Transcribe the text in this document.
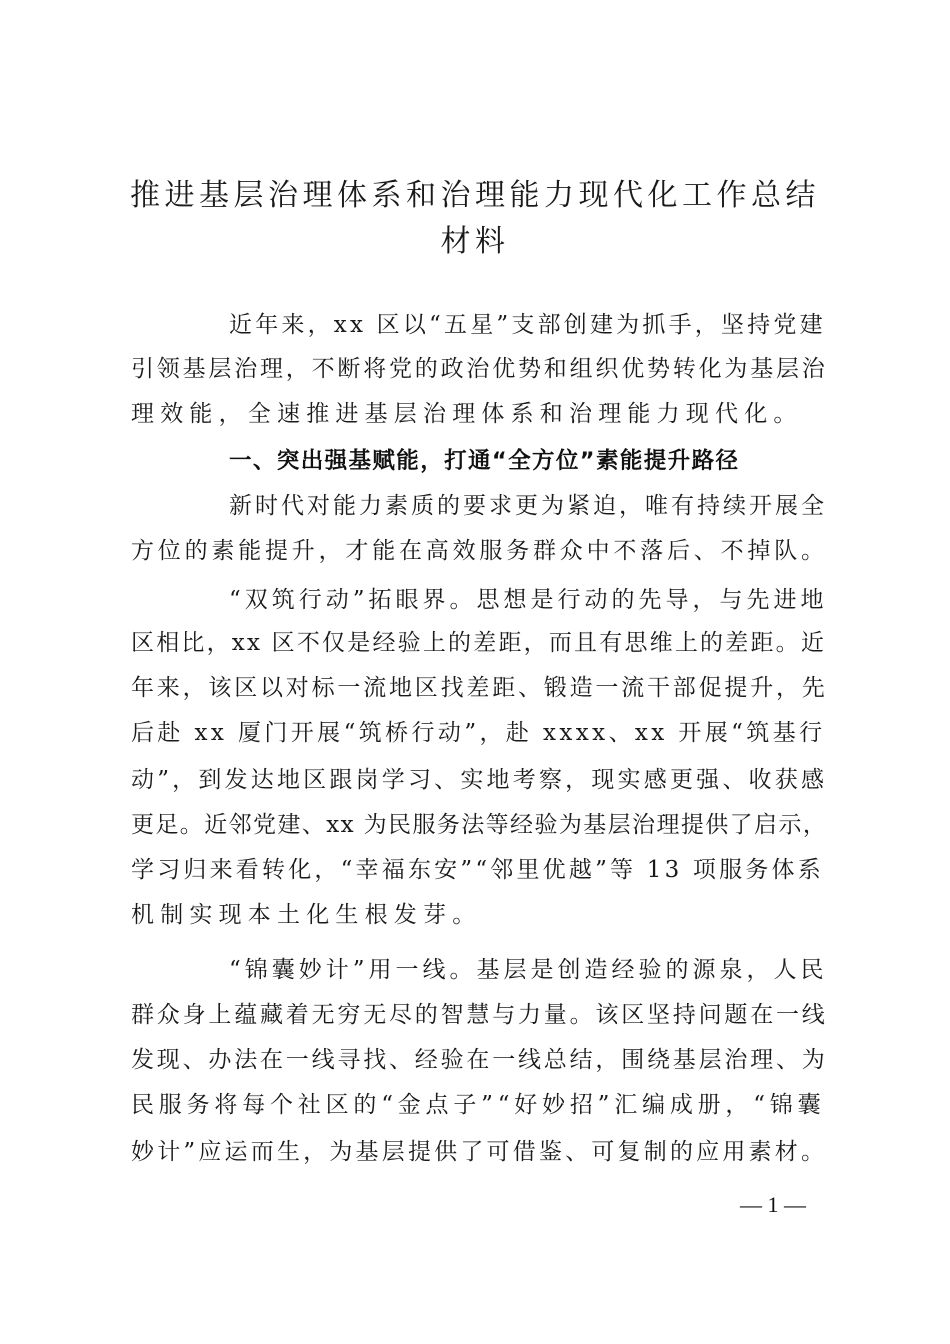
推进基层治理体系和治理能力现代化工作总结
材料
近年来，xx 区以“五星”支部创建为抓手，坚持党建
引领基层治理，不断将党的政治优势和组织优势转化为基层治
理效能，全速推进基层治理体系和治理能力现代化。
一、突出强基赋能，打通“全方位”素能提升路径
新时代对能力素质的要求更为紧迫，唯有持续开展全
方位的素能提升，才能在高效服务群众中不落后、不掉队。
“双筑行动”拓眼界。思想是行动的先导，与先进地
区相比，xx 区不仅是经验上的差距，而且有思维上的差距。近
年来，该区以对标一流地区找差距、锻造一流干部促提升，先
后赴 xx 厦门开展“筑桥行动”，赴 xxxx、xx 开展“筑基行
动”，到发达地区跟岗学习、实地考察，现实感更强、收获感
更足。近邻党建、xx 为民服务法等经验为基层治理提供了启示，
学习归来看转化，“幸福东安”“邻里优越”等 13 项服务体系
机制实现本土化生根发芽。
“锦囊妙计”用一线。基层是创造经验的源泉，人民
群众身上蕴藏着无穷无尽的智慧与力量。该区坚持问题在一线
发现、办法在一线寻找、经验在一线总结，围绕基层治理、为
民服务将每个社区的“金点子”“好妙招”汇编成册，“锦囊
妙计”应运而生，为基层提供了可借鉴、可复制的应用素材。
— 1 —
